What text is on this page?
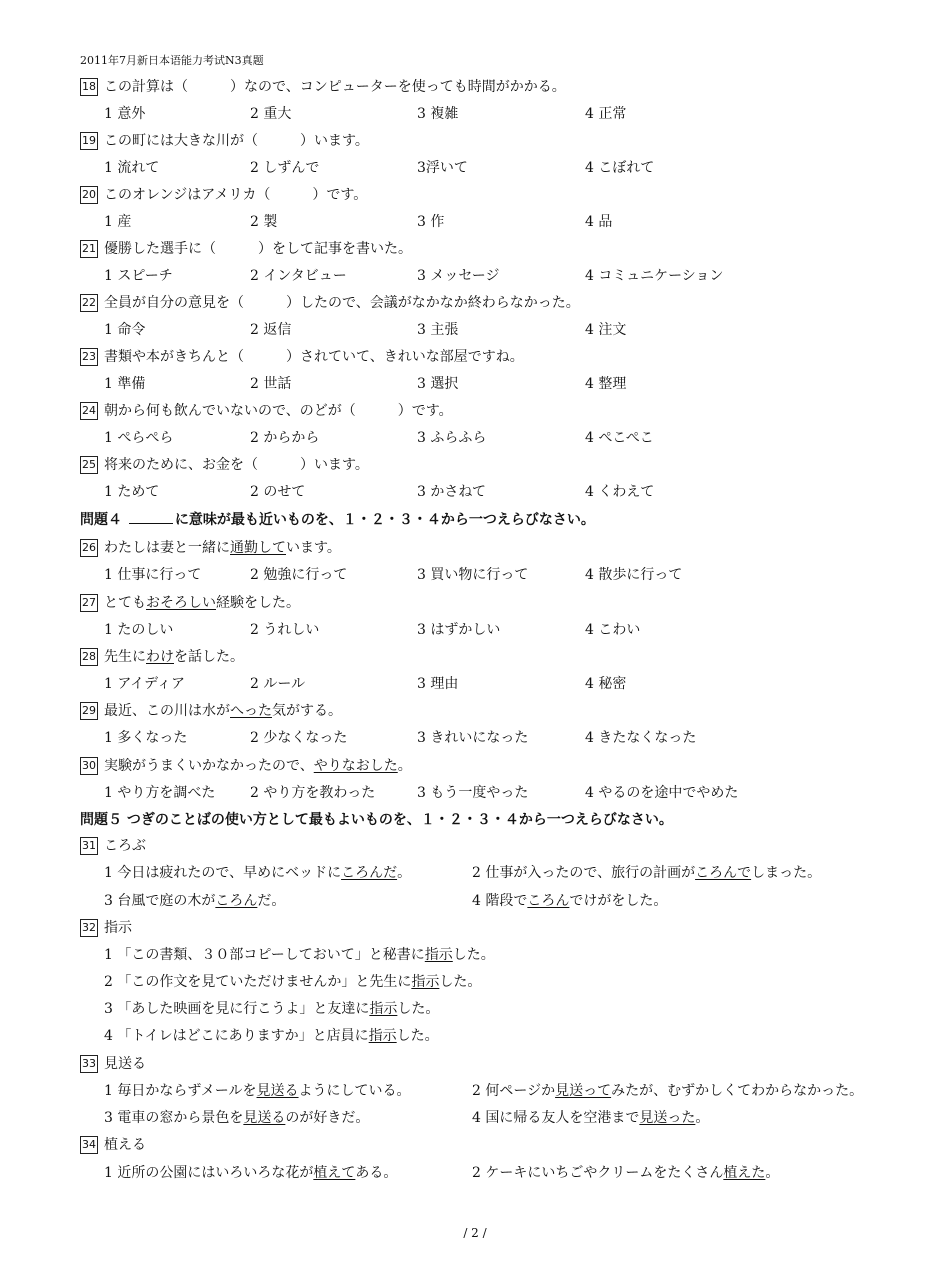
2011年7月新日本语能力考试N3真题
18 この計算は（　　　）なので、コンピューターを使っても時間がかかる。
1 意外	2 重大	3 複雑	4 正常
19 この町には大きな川が（　　　）います。
1 流れて	2 しずんで	3浮いて	4 こぼれて
20 このオレンジはアメリカ（　　　）です。
1 産	2 製	3 作	4 品
21 優勝した選手に（　　　）をして記事を書いた。
1 スピーチ	2 インタビュー	3 メッセージ	4 コミュニケーション
22 全員が自分の意見を（　　　）したので、会議がなかなか終わらなかった。
1 命令	2 返信	3 主張	4 注文
23 書類や本がきちんと（　　　）されていて、きれいな部屋ですね。
1 準備	2 世話	3 選択	4 整理
24 朝から何も飲んでいないので、のどが（　　　）です。
1 ぺらぺら	2 からから	3 ふらふら	4 ぺこぺこ
25 将来のために、お金を（　　　）います。
1 ためて	2 のせて	3 かさねて	4 くわえて
問題４	に意味が最も近いものを、１・２・３・４から一つえらびなさい。
26 わたしは妻と一緒に通勤しています。
1 仕事に行って	2 勉強に行って	3 買い物に行って	4 散歩に行って
27 とてもおそろしい経験をした。
1 たのしい	2 うれしい	3 はずかしい	4 こわい
28 先生にわけを話した。
1 アイディア	2 ルール	3 理由	4 秘密
29 最近、この川は水がへった気がする。
1 多くなった	2 少なくなった	3 きれいになった	4 きたなくなった
30 実験がうまくいかなかったので、やりなおした。
1 やり方を調べた 2 やり方を教わった	3 もう一度やった	4 やるのを途中でやめた
問題５ つぎのことばの使い方として最もよいものを、１・２・３・４から一つえらびなさい。
31 ころぶ
1 今日は疲れたので、早めにベッドにころんだ。	2 仕事が入ったので、旅行の計画がころんでしまった。
3 台風で庭の木がころんだ。	4 階段でころんでけがをした。
32 指示
1 「この書類、３０部コピーしておいて」と秘書に指示した。
2 「この作文を見ていただけませんか」と先生に指示した。
3 「あした映画を見に行こうよ」と友達に指示した。
4 「トイレはどこにありますか」と店員に指示した。
33 見送る
1 毎日かならずメールを見送るようにしている。	2 何ページか見送ってみたが、むずかしくてわからなかった。
3 電車の窓から景色を見送るのが好きだ。	4 国に帰る友人を空港まで見送った。
34 植える
1 近所の公園にはいろいろな花が植えてある。	2 ケーキにいちごやクリームをたくさん植えた。
/ 2 /
